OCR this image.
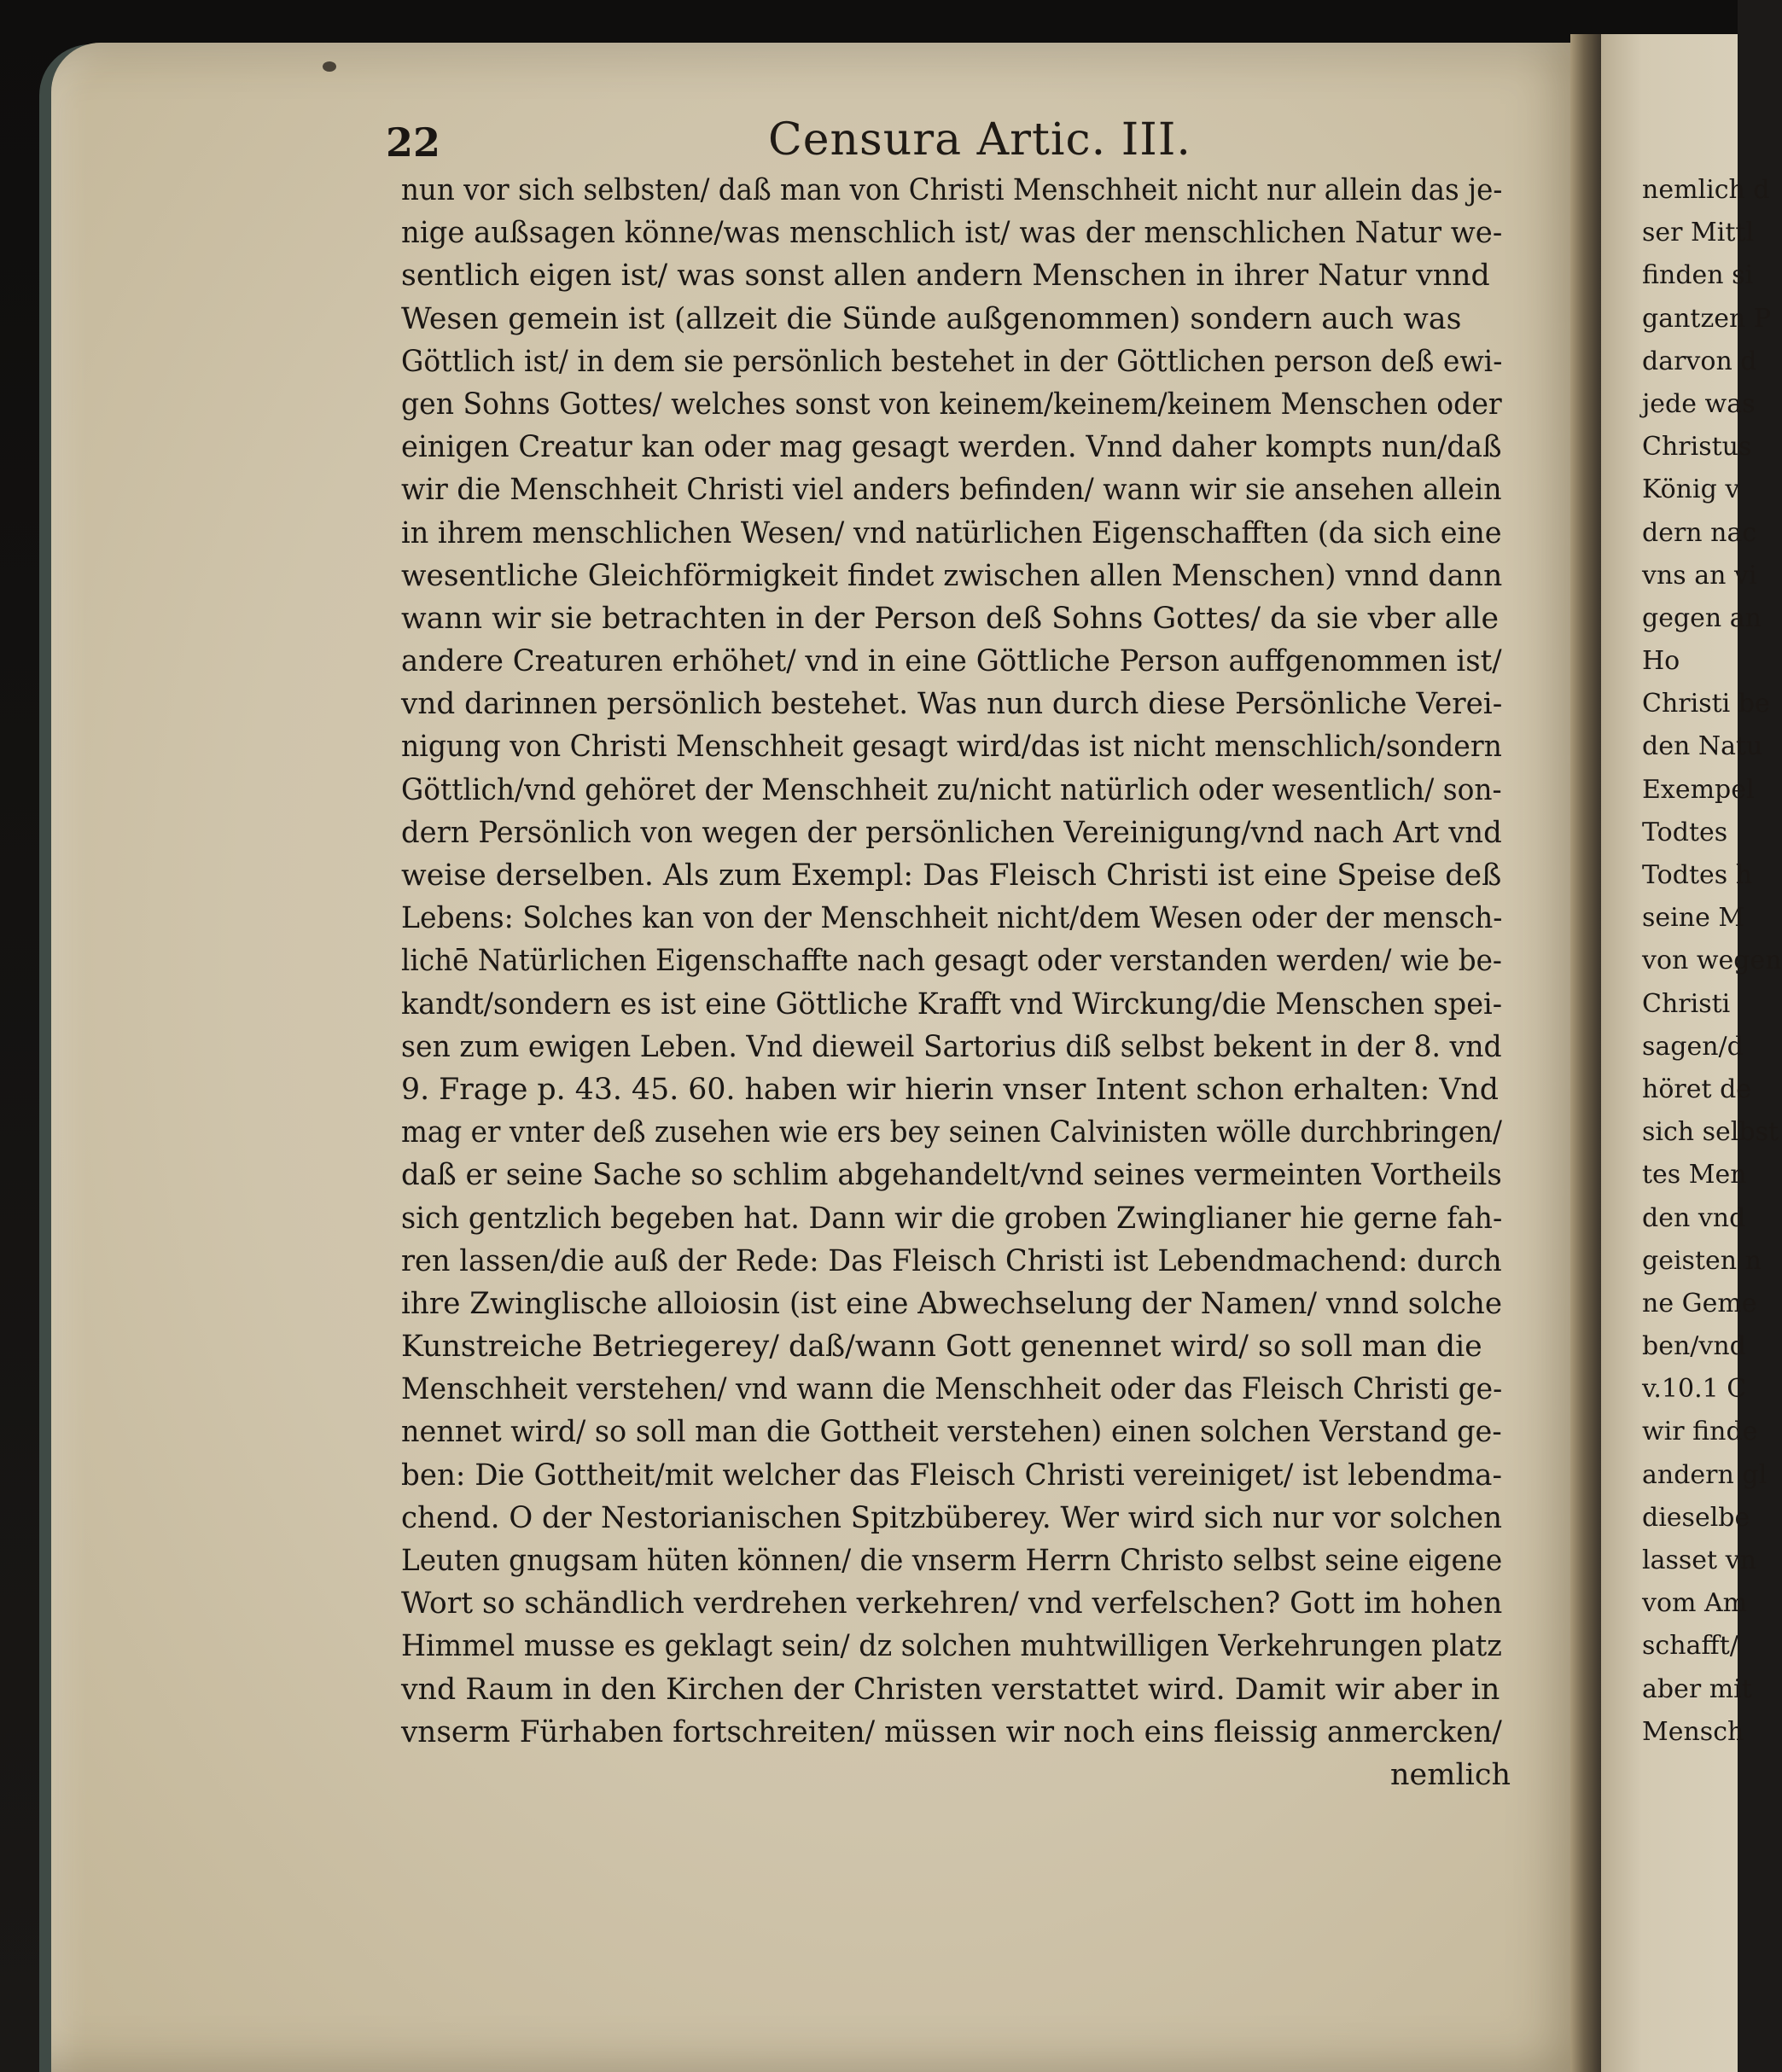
22	Censura Artic. III.
nun vor sich selbsten/ daß man von Christi Menschheit nicht nur allein das je-
nige außsagen könne/was menschlich ist/ was der menschlichen Natur we-
sentlich eigen ist/ was sonst allen andern Menschen in ihrer Natur vnnd
Wesen gemein ist (allzeit die Sünde außgenommen) sondern auch was
Göttlich ist/ in dem sie persönlich bestehet in der Göttlichen person deß ewi-
gen Sohns Gottes/ welches sonst von keinem/keinem/keinem Menschen oder
einigen Creatur kan oder mag gesagt werden. Vnnd daher kompts nun/daß
wir die Menschheit Christi viel anders befinden/ wann wir sie ansehen allein
in ihrem menschlichen Wesen/ vnd natürlichen Eigenschafften (da sich eine
wesentliche Gleichförmigkeit findet zwischen allen Menschen) vnnd dann
wann wir sie betrachten in der Person deß Sohns Gottes/ da sie vber alle
andere Creaturen erhöhet/ vnd in eine Göttliche Person auffgenommen ist/
vnd darinnen persönlich bestehet. Was nun durch diese Persönliche Verei-
nigung von Christi Menschheit gesagt wird/das ist nicht menschlich/sondern
Göttlich/vnd gehöret der Menschheit zu/nicht natürlich oder wesentlich/ son-
dern Persönlich von wegen der persönlichen Vereinigung/vnd nach Art vnd
weise derselben. Als zum Exempl: Das Fleisch Christi ist eine Speise deß
Lebens: Solches kan von der Menschheit nicht/dem Wesen oder der mensch-
lichē Natürlichen Eigenschaffte nach gesagt oder verstanden werden/ wie be-
kandt/sondern es ist eine Göttliche Krafft vnd Wirckung/die Menschen spei-
sen zum ewigen Leben. Vnd dieweil Sartorius diß selbst bekent in der 8. vnd
9. Frage p. 43. 45. 60. haben wir hierin vnser Intent schon erhalten: Vnd
mag er vnter deß zusehen wie ers bey seinen Calvinisten wölle durchbringen/
daß er seine Sache so schlim abgehandelt/vnd seines vermeinten Vortheils
sich gentzlich begeben hat. Dann wir die groben Zwinglianer hie gerne fah-
ren lassen/die auß der Rede: Das Fleisch Christi ist Lebendmachend: durch
ihre Zwinglische alloiosin (ist eine Abwechselung der Namen/ vnnd solche
Kunstreiche Betriegerey/ daß/wann Gott genennet wird/ so soll man die
Menschheit verstehen/ vnd wann die Menschheit oder das Fleisch Christi ge-
nennet wird/ so soll man die Gottheit verstehen) einen solchen Verstand ge-
ben: Die Gottheit/mit welcher das Fleisch Christi vereiniget/ ist lebendma-
chend. O der Nestorianischen Spitzbüberey. Wer wird sich nur vor solchen
Leuten gnugsam hüten können/ die vnserm Herrn Christo selbst seine eigene
Wort so schändlich verdrehen verkehren/ vnd verfelschen? Gott im hohen
Himmel musse es geklagt sein/ dz solchen muhtwilligen Verkehrungen platz
vnd Raum in den Kirchen der Christen verstattet wird. Damit wir aber in
vnserm Fürhaben fortschreiten/ müssen wir noch eins fleissig anmercken/
nemlich
nemlich d
ser Mittl
finden si
gantzen P
darvon d
jede was
Christus
König v
dern nac
vns an vi
gegen an
Ho
Christi be
den Natu
Exempel
Todtes
Todtes h
seine M
von wegen
Christi
sagen/d
höret de
sich selbst
tes Men
den vnd
geisten n
ne Geme
ben/vnd
v.10.1 C
wir finde
andern gl
dieselbe
lasset vn
vom Am
schafft/
aber mit
Mensch
